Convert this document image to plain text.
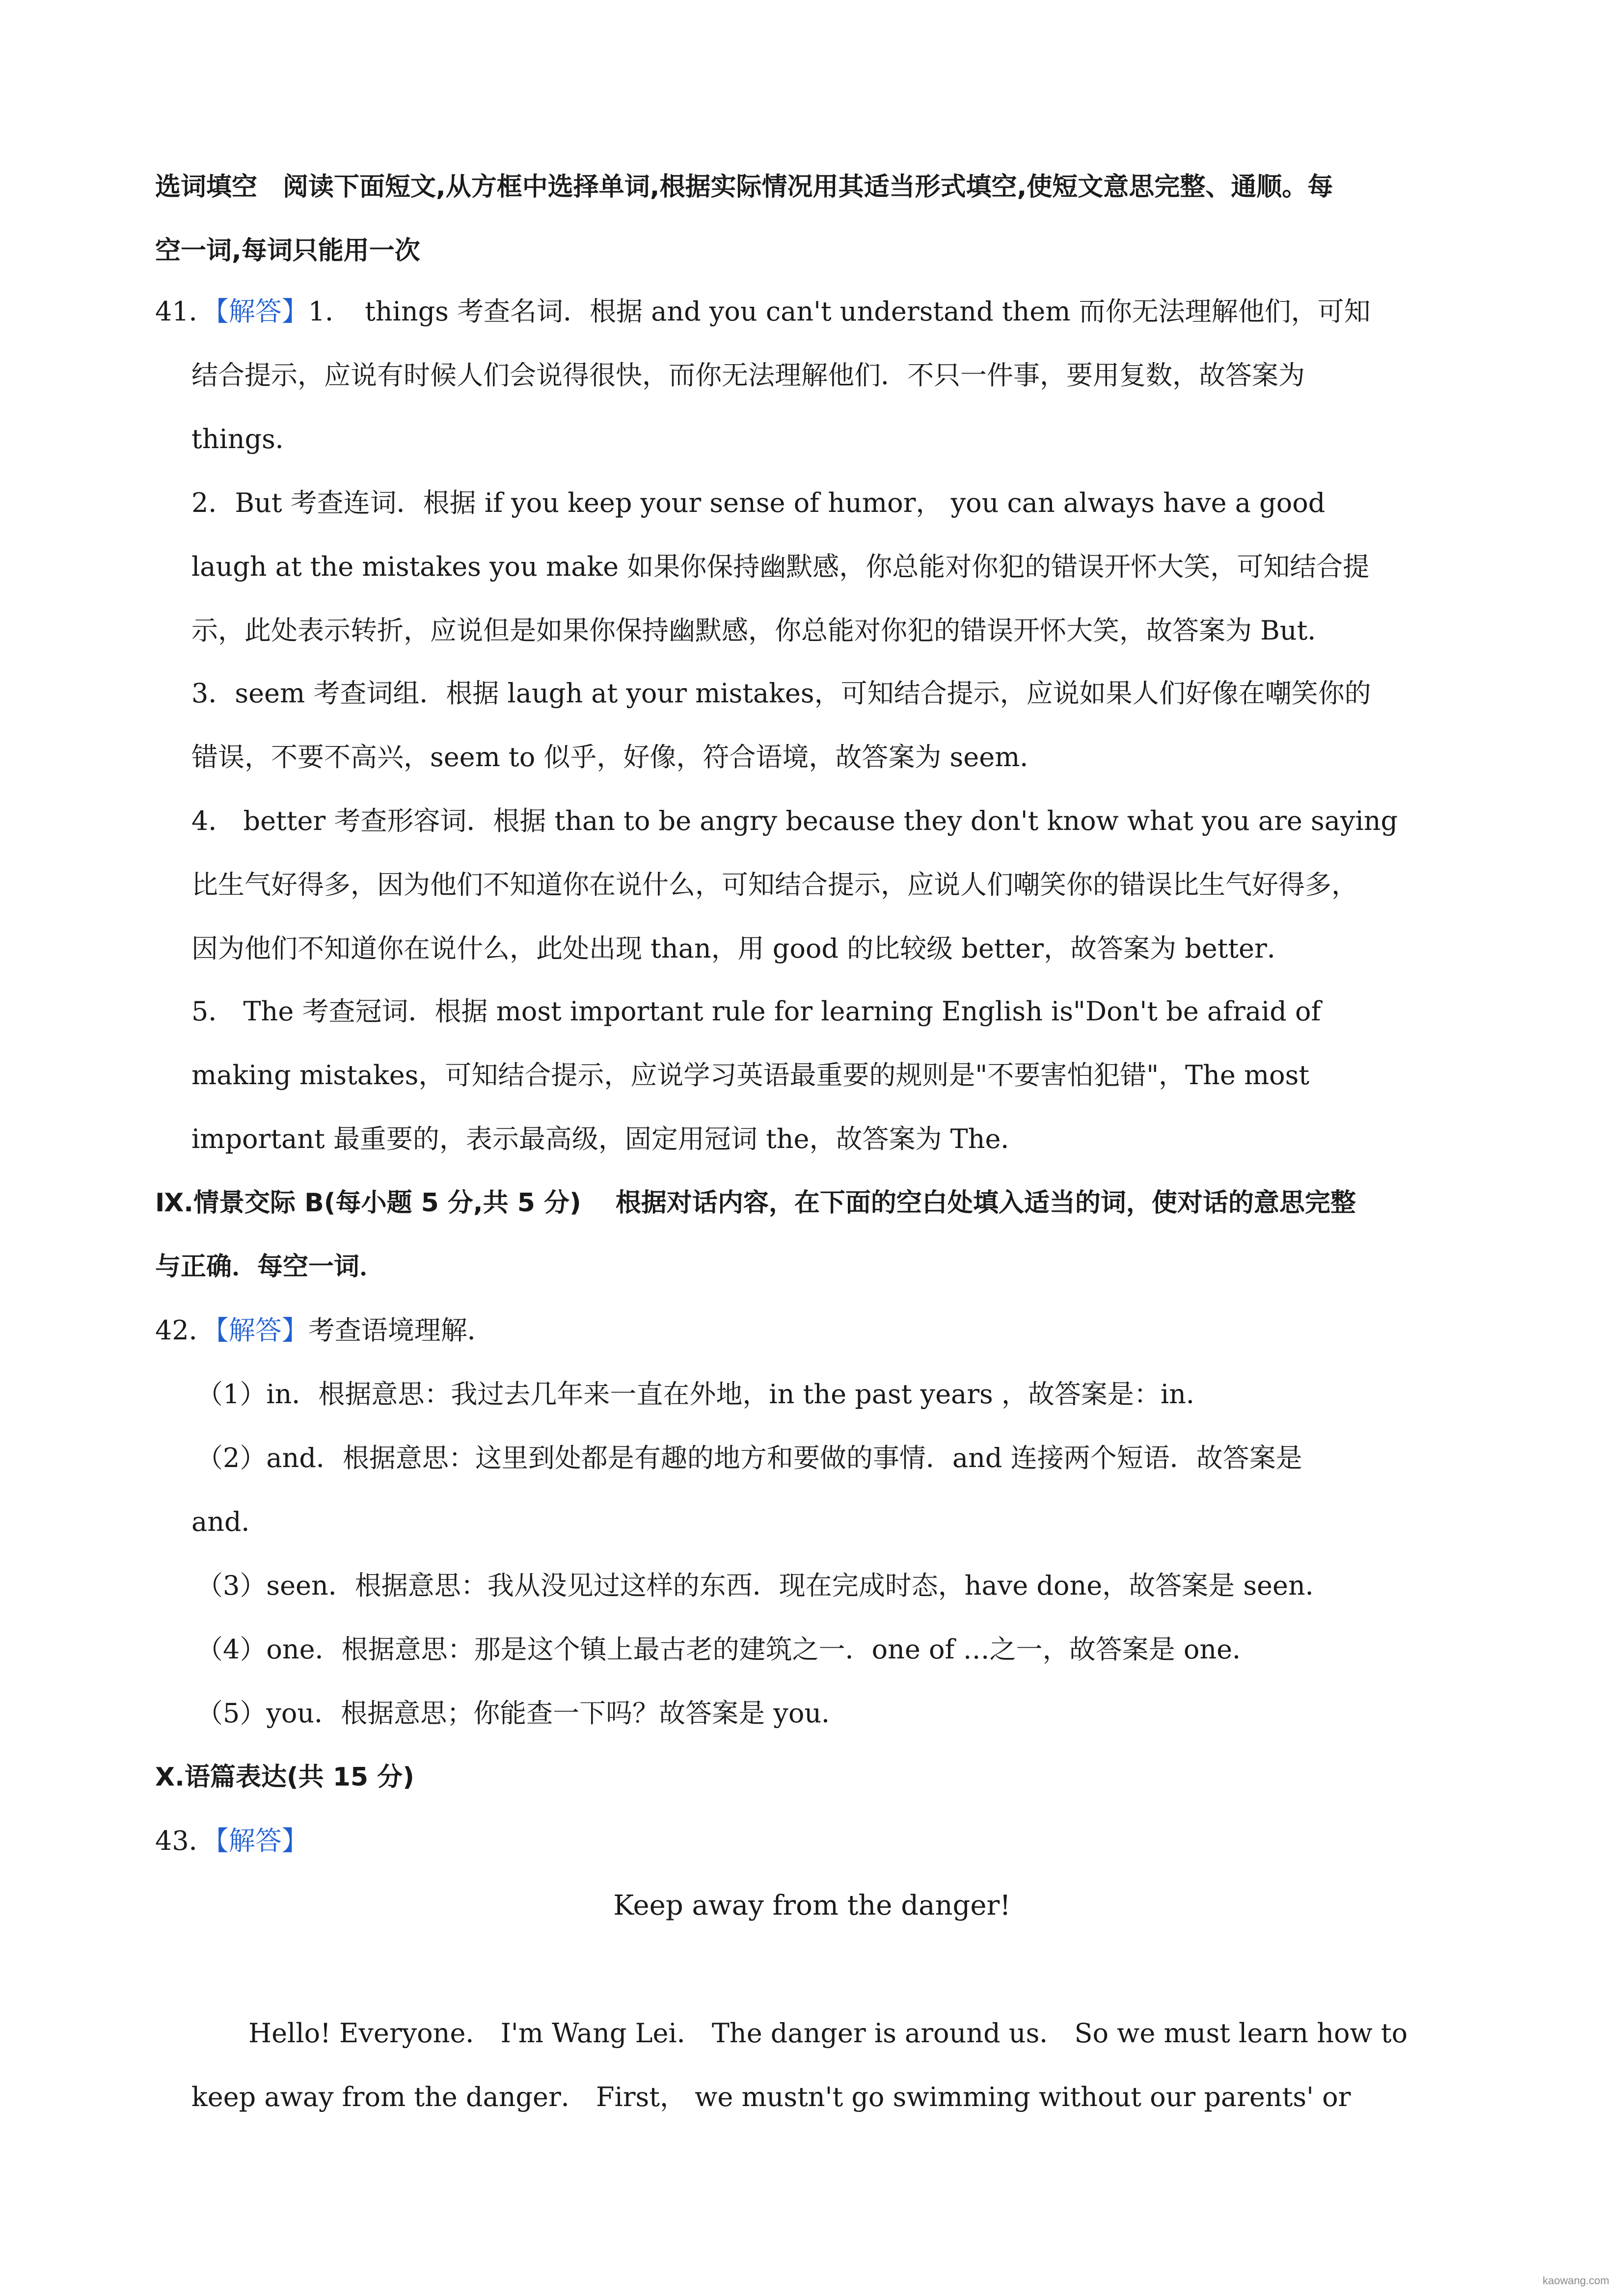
选词填空　阅读下面短文,从方框中选择单词,根据实际情况用其适当形式填空,使短文意思完整、通顺。每
空一词,每词只能用一次
41．【解答】1．　things 考查名词．根据 and you can't understand them 而你无法理解他们，可知
结合提示，应说有时候人们会说得很快，而你无法理解他们．不只一件事，要用复数，故答案为
things．
2．But 考查连词．根据 if you keep your sense of humor， you can always have a good
laugh at the mistakes you make 如果你保持幽默感，你总能对你犯的错误开怀大笑，可知结合提
示，此处表示转折，应说但是如果你保持幽默感，你总能对你犯的错误开怀大笑，故答案为 But．
3．seem 考查词组．根据 laugh at your mistakes，可知结合提示，应说如果人们好像在嘲笑你的
错误，不要不高兴，seem to 似乎，好像，符合语境，故答案为 seem．
4． better 考查形容词．根据 than to be angry because they don't know what you are saying
比生气好得多，因为他们不知道你在说什么，可知结合提示，应说人们嘲笑你的错误比生气好得多，
因为他们不知道你在说什么，此处出现 than，用 good 的比较级 better，故答案为 better．
5． The 考查冠词．根据 most important rule for learning English is"Don't be afraid of
making mistakes，可知结合提示，应说学习英语最重要的规则是"不要害怕犯错"，The most
important 最重要的，表示最高级，固定用冠词 the，故答案为 The．
Ⅸ.情景交际 B(每小题 5 分,共 5 分)　 根据对话内容，在下面的空白处填入适当的词，使对话的意思完整
与正确．每空一词．
42．【解答】考查语境理解．
（1）in．根据意思：我过去几年来一直在外地，in the past years ，故答案是：in．
（2）and．根据意思：这里到处都是有趣的地方和要做的事情．and 连接两个短语．故答案是
and．
（3）seen．根据意思：我从没见过这样的东西．现在完成时态，have done，故答案是 seen．
（4）one．根据意思：那是这个镇上最古老的建筑之一．one of …之一，故答案是 one．
（5）you．根据意思；你能查一下吗？故答案是 you．
Ⅹ.语篇表达(共 15 分)
43．【解答】
Keep away from the danger!
Hello! Everyone． I'm Wang Lei． The danger is around us． So we must learn how to
keep away from the danger． First， we mustn't go swimming without our parents' or
kaowang.com
